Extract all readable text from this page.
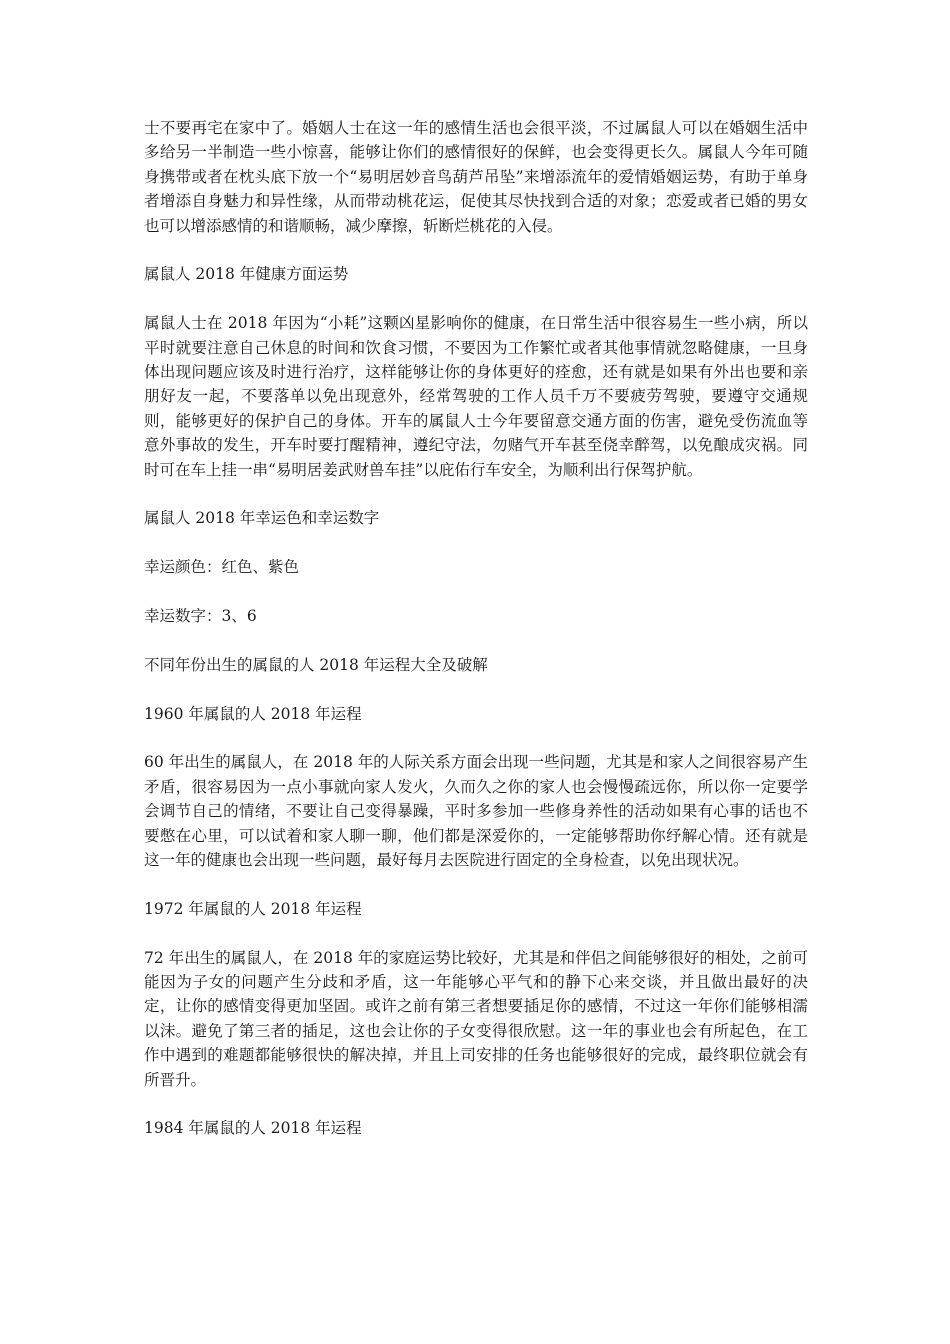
士不要再宅在家中了。婚姻人士在这一年的感情生活也会很平淡，不过属鼠人可以在婚姻生活中多给另一半制造一些小惊喜，能够让你们的感情很好的保鲜，也会变得更长久。属鼠人今年可随身携带或者在枕头底下放一个“易明居妙音鸟葫芦吊坠”来增添流年的爱情婚姻运势，有助于单身者增添自身魅力和异性缘，从而带动桃花运，促使其尽快找到合适的对象；恋爱或者已婚的男女也可以增添感情的和谐顺畅，减少摩擦，斩断烂桃花的入侵。

属鼠人 2018 年健康方面运势

属鼠人士在 2018 年因为“小耗”这颗凶星影响你的健康，在日常生活中很容易生一些小病，所以平时就要注意自己休息的时间和饮食习惯，不要因为工作繁忙或者其他事情就忽略健康，一旦身体出现问题应该及时进行治疗，这样能够让你的身体更好的痊愈，还有就是如果有外出也要和亲朋好友一起，不要落单以免出现意外，经常驾驶的工作人员千万不要疲劳驾驶，要遵守交通规则，能够更好的保护自己的身体。开车的属鼠人士今年要留意交通方面的伤害，避免受伤流血等意外事故的发生，开车时要打醒精神，遵纪守法，勿赌气开车甚至侥幸醉驾，以免酿成灾祸。同时可在车上挂一串“易明居姜武财兽车挂”以庇佑行车安全，为顺利出行保驾护航。

属鼠人 2018 年幸运色和幸运数字

幸运颜色：红色、紫色

幸运数字：3、6

不同年份出生的属鼠的人 2018 年运程大全及破解

1960 年属鼠的人 2018 年运程

60 年出生的属鼠人，在 2018 年的人际关系方面会出现一些问题，尤其是和家人之间很容易产生矛盾，很容易因为一点小事就向家人发火，久而久之你的家人也会慢慢疏远你，所以你一定要学会调节自己的情绪，不要让自己变得暴躁，平时多参加一些修身养性的活动如果有心事的话也不要憋在心里，可以试着和家人聊一聊，他们都是深爱你的，一定能够帮助你纾解心情。还有就是这一年的健康也会出现一些问题，最好每月去医院进行固定的全身检查，以免出现状况。

1972 年属鼠的人 2018 年运程

72 年出生的属鼠人，在 2018 年的家庭运势比较好，尤其是和伴侣之间能够很好的相处，之前可能因为子女的问题产生分歧和矛盾，这一年能够心平气和的静下心来交谈，并且做出最好的决定，让你的感情变得更加坚固。或许之前有第三者想要插足你的感情，不过这一年你们能够相濡以沫。避免了第三者的插足，这也会让你的子女变得很欣慰。这一年的事业也会有所起色，在工作中遇到的难题都能够很快的解决掉，并且上司安排的任务也能够很好的完成，最终职位就会有所晋升。

1984 年属鼠的人 2018 年运程
